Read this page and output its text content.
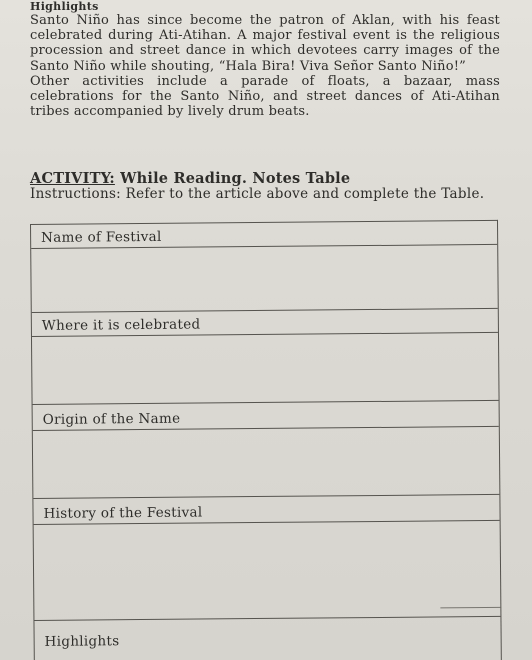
Highlights

Santo Niño has since become the patron of Aklan, with his feast celebrated during Ati-Atihan. A major festival event is the religious procession and street dance in which devotees carry images of the Santo Niño while shouting, “Hala Bira! Viva Señor Santo Niño!”

Other activities include a parade of floats, a bazaar, mass celebrations for the Santo Niño, and street dances of Ati-Atihan tribes accompanied by lively drum beats.

ACTIVITY: While Reading. Notes Table
Instructions: Refer to the article above and complete the Table.
Name of Festival
Where it is celebrated
Origin of the Name
History of the Festival
Highlights
